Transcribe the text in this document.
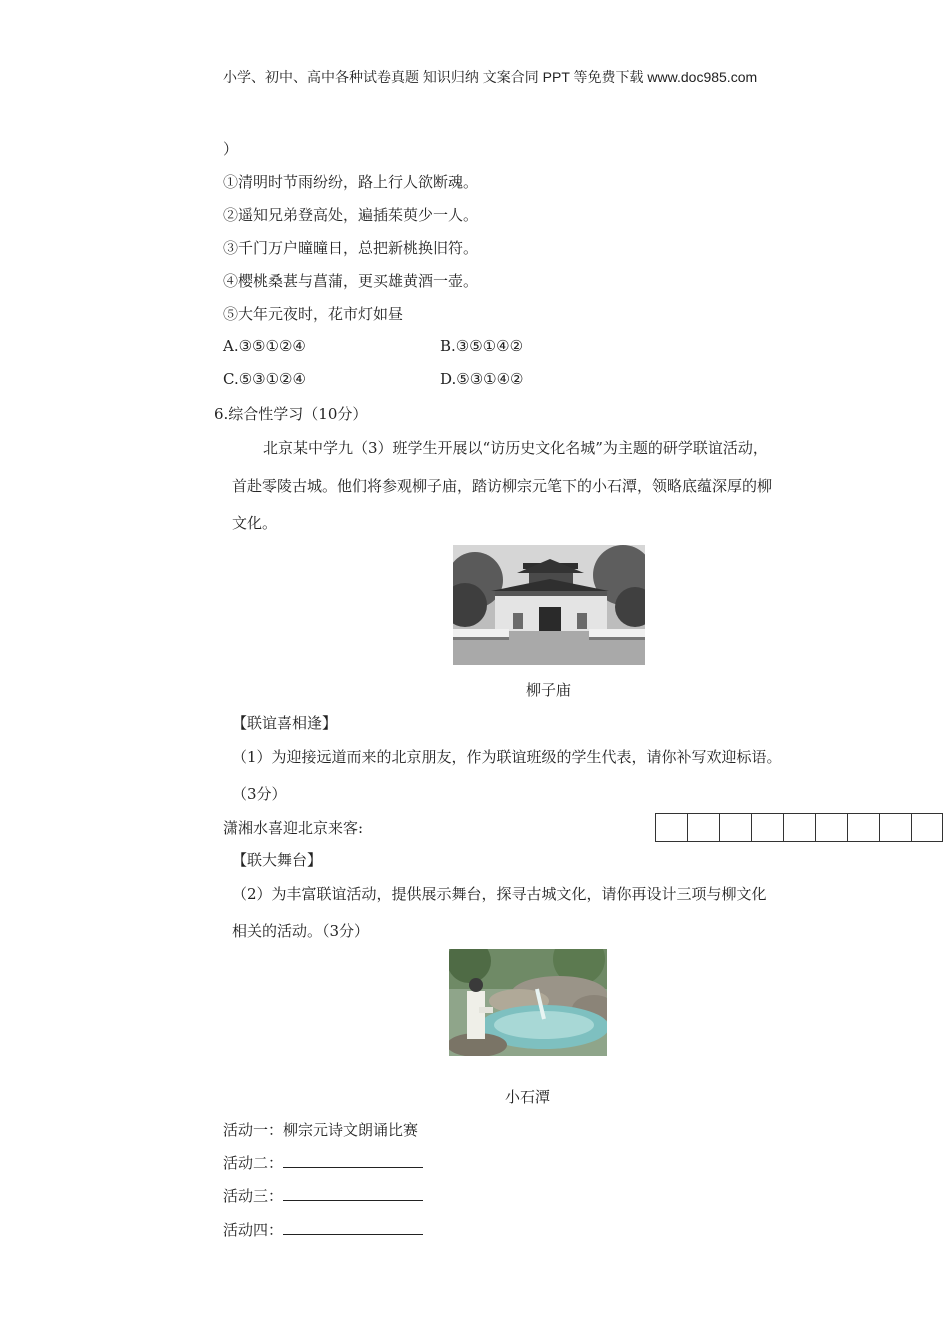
小学、初中、高中各种试卷真题 知识归纳 文案合同 PPT 等免费下载 www.doc985.com
）
①清明时节雨纷纷，路上行人欲断魂。
②遥知兄弟登高处，遍插茱萸少一人。
③千门万户曈曈日，总把新桃换旧符。
④樱桃桑葚与菖蒲，更买雄黄酒一壶。
⑤大年元夜时，花市灯如昼
A.③⑤①②④	B.③⑤①④②
C.⑤③①②④	D.⑤③①④②
6.综合性学习（10分）
北京某中学九（3）班学生开展以“访历史文化名城”为主题的研学联谊活动，
首赴零陵古城。他们将参观柳子庙，踏访柳宗元笔下的小石潭，领略底蕴深厚的柳
文化。
柳子庙
【联谊喜相逢】
（1）为迎接远道而来的北京朋友，作为联谊班级的学生代表，请你补写欢迎标语。
（3分）
潇湘水喜迎北京来客:
【联大舞台】
（2）为丰富联谊活动，提供展示舞台，探寻古城文化，请你再设计三项与柳文化
相关的活动。（3分）
小石潭
活动一：柳宗元诗文朗诵比赛
活动二：
活动三：
活动四：
